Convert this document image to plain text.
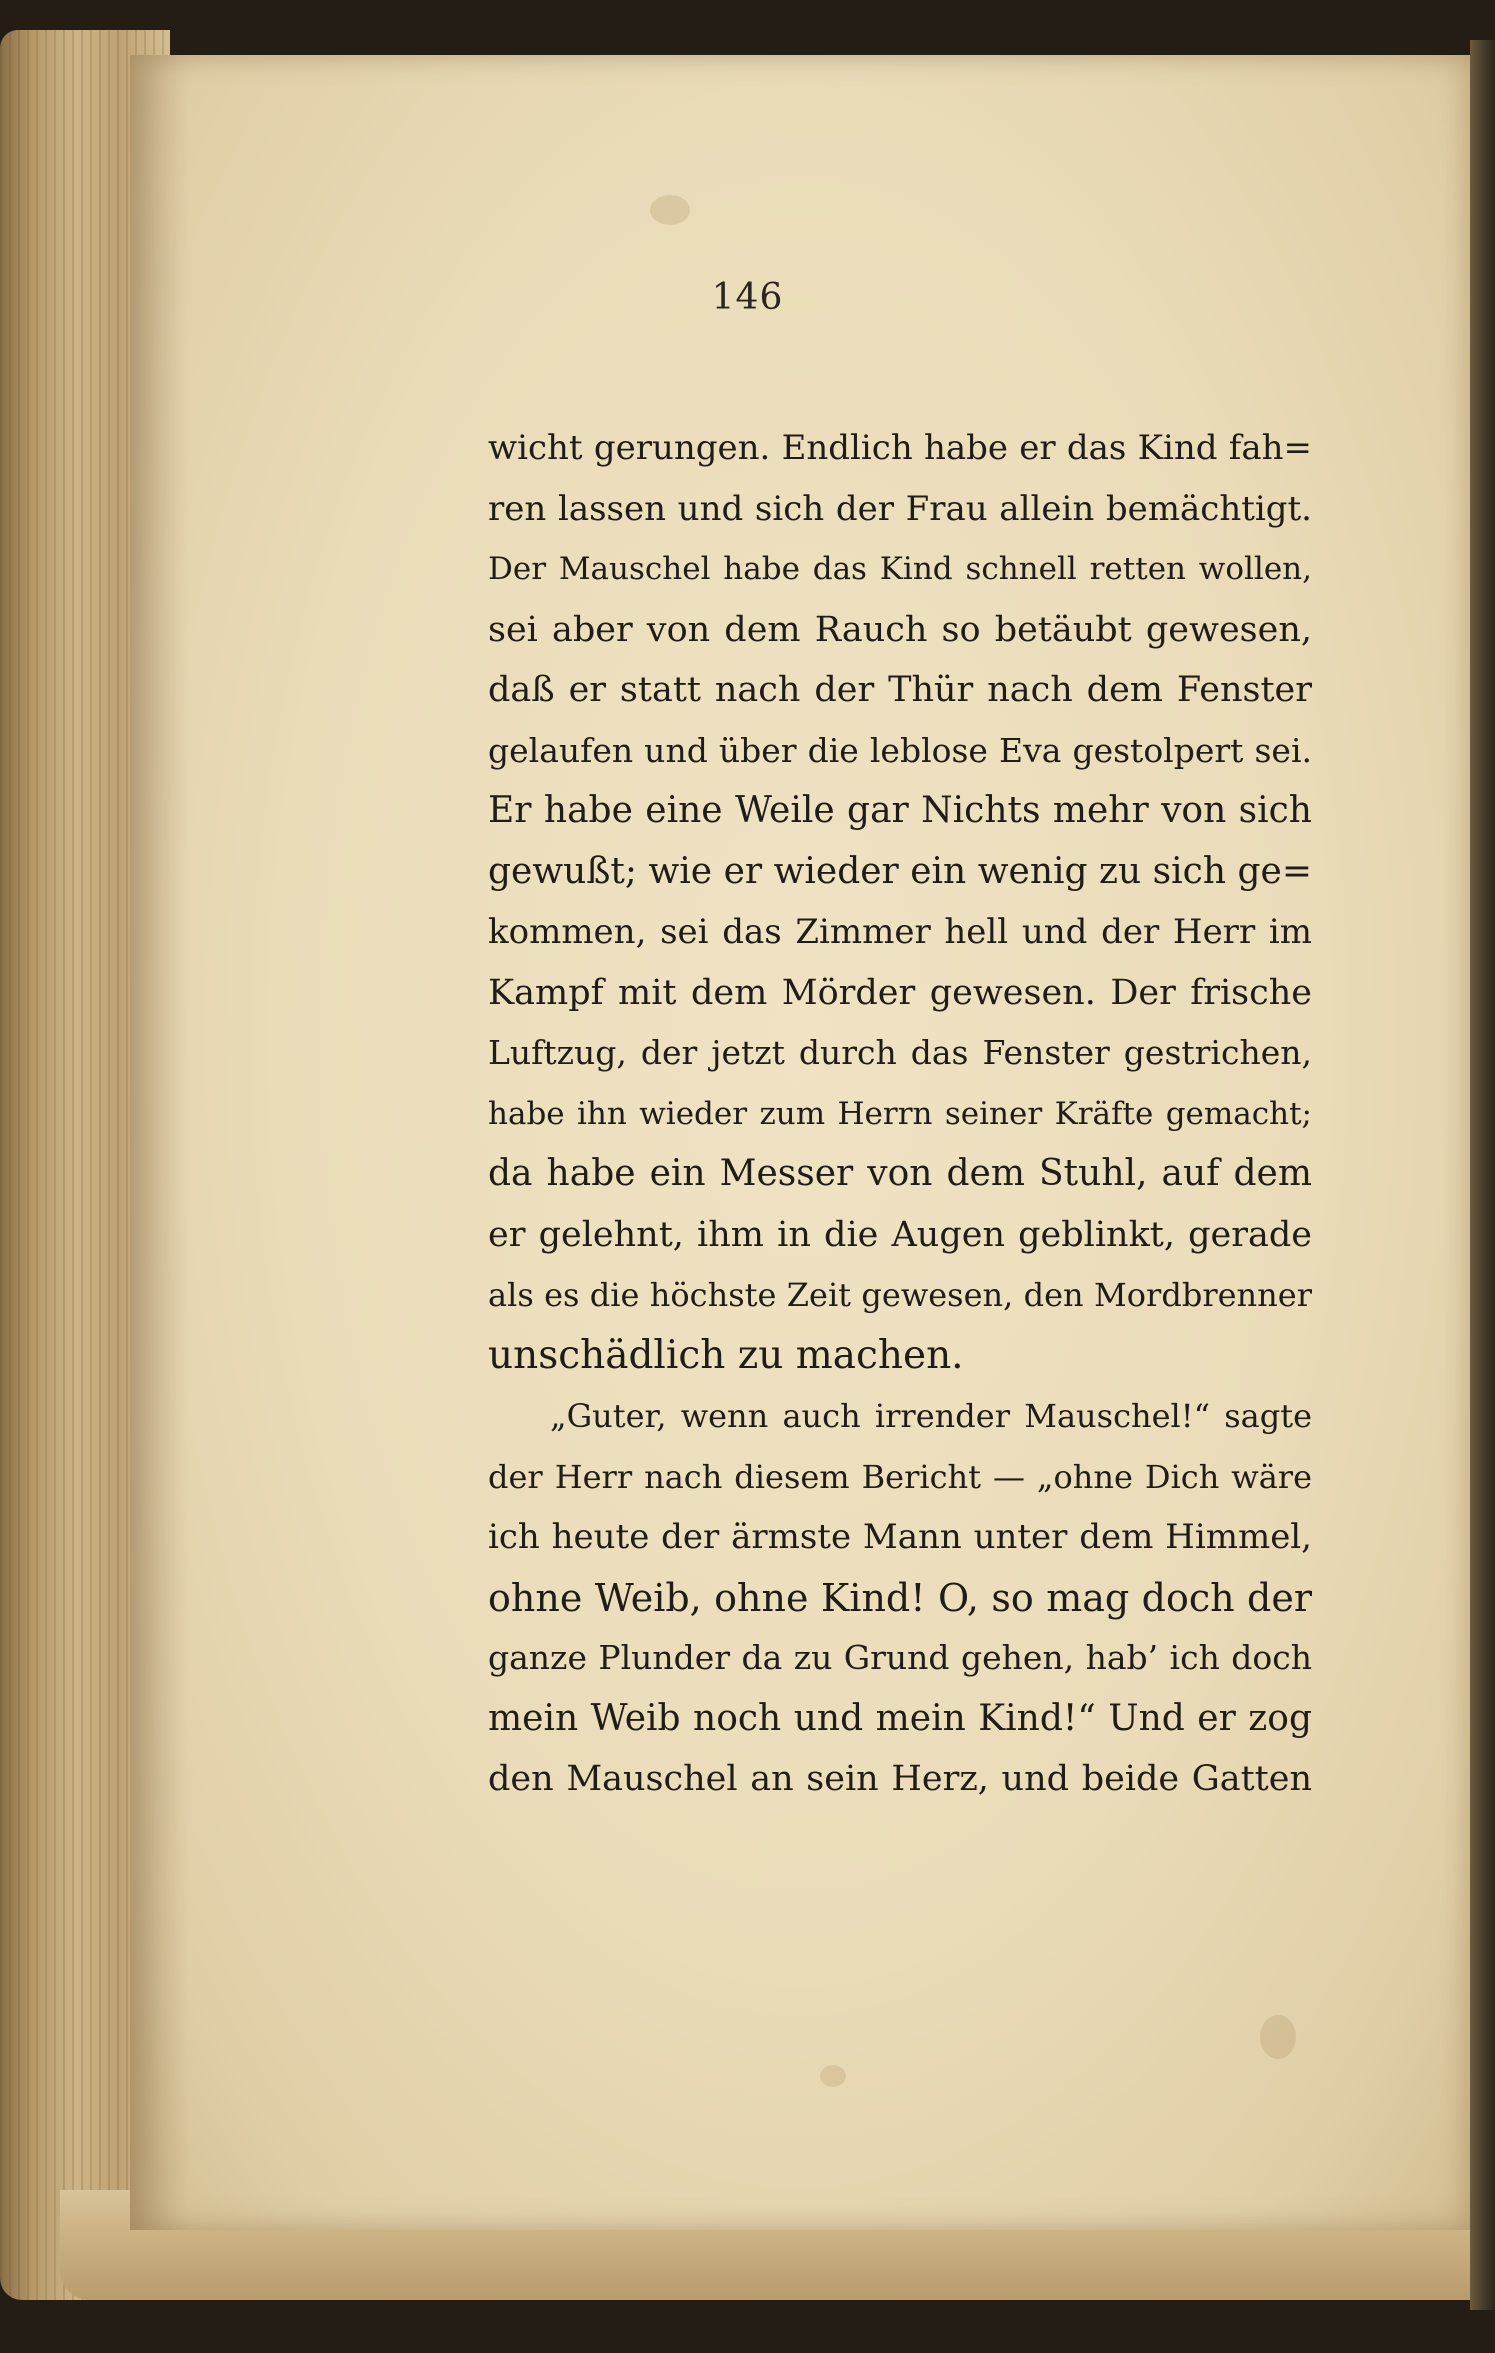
146
wicht gerungen. Endlich habe er das Kind fah=
ren lassen und sich der Frau allein bemächtigt.
Der Mauschel habe das Kind schnell retten wollen,
sei aber von dem Rauch so betäubt gewesen,
daß er statt nach der Thür nach dem Fenster
gelaufen und über die leblose Eva gestolpert sei.
Er habe eine Weile gar Nichts mehr von sich
gewußt; wie er wieder ein wenig zu sich ge=
kommen, sei das Zimmer hell und der Herr im
Kampf mit dem Mörder gewesen. Der frische
Luftzug, der jetzt durch das Fenster gestrichen,
habe ihn wieder zum Herrn seiner Kräfte gemacht;
da habe ein Messer von dem Stuhl, auf dem
er gelehnt, ihm in die Augen geblinkt, gerade
als es die höchste Zeit gewesen, den Mordbrenner
unschädlich zu machen.
„Guter, wenn auch irrender Mauschel!“ sagte
der Herr nach diesem Bericht — „ohne Dich wäre
ich heute der ärmste Mann unter dem Himmel,
ohne Weib, ohne Kind! O, so mag doch der
ganze Plunder da zu Grund gehen, hab’ ich doch
mein Weib noch und mein Kind!“ Und er zog
den Mauschel an sein Herz, und beide Gatten
